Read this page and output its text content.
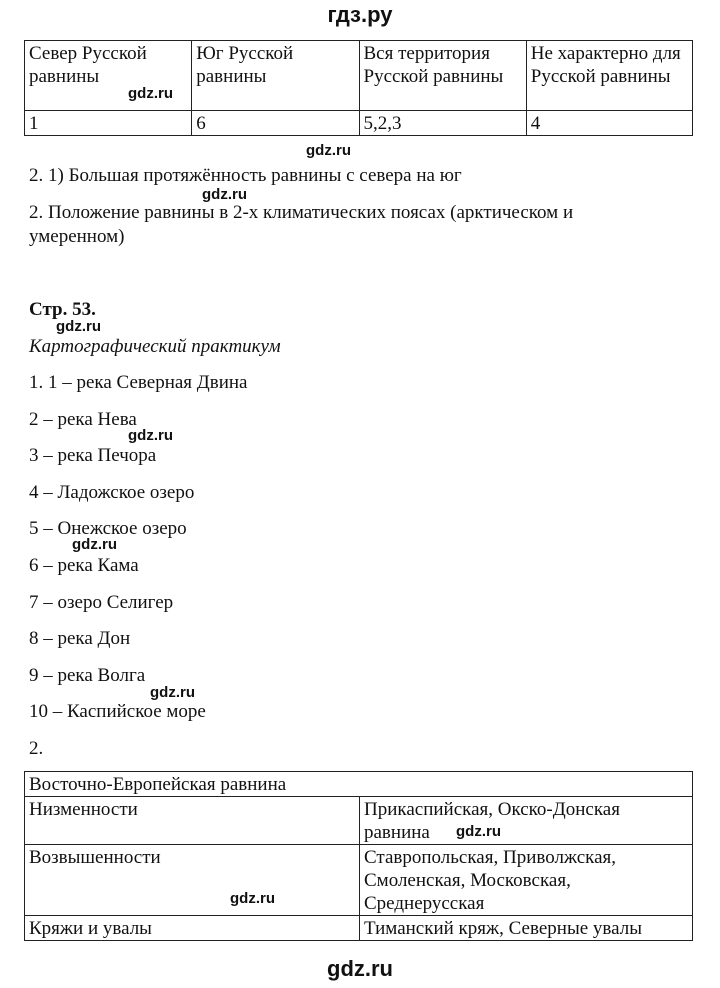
гдз.ру
Север Русской равнины	Юг Русской равнины	Вся территория Русской равнины	Не характерно для Русской равнины
1	6	5,2,3	4
2. 1) Большая протяжённость равнины с севера на юг
2. Положение равнины в 2-х климатических поясах (арктическом и
умеренном)
Стр. 53.
Картографический практикум
1. 1 – река Северная Двина
2 – река Нева
3 – река Печора
4 – Ладожское озеро
5 – Онежское озеро
6 – река Кама
7 – озеро Селигер
8 – река Дон
9 – река Волга
10 – Каспийское море
2.
Восточно-Европейская равнина	
Низменности	Прикаспийская, Окско-Донская
равнина
Возвышенности	Ставропольская, Приволжская,
Смоленская, Московская,
Среднерусская
Кряжи и увалы	Тиманский кряж, Северные увалы
gdz.ru
gdz.ru
gdz.ru
gdz.ru
gdz.ru
gdz.ru
gdz.ru
gdz.ru
gdz.ru
gdz.ru
